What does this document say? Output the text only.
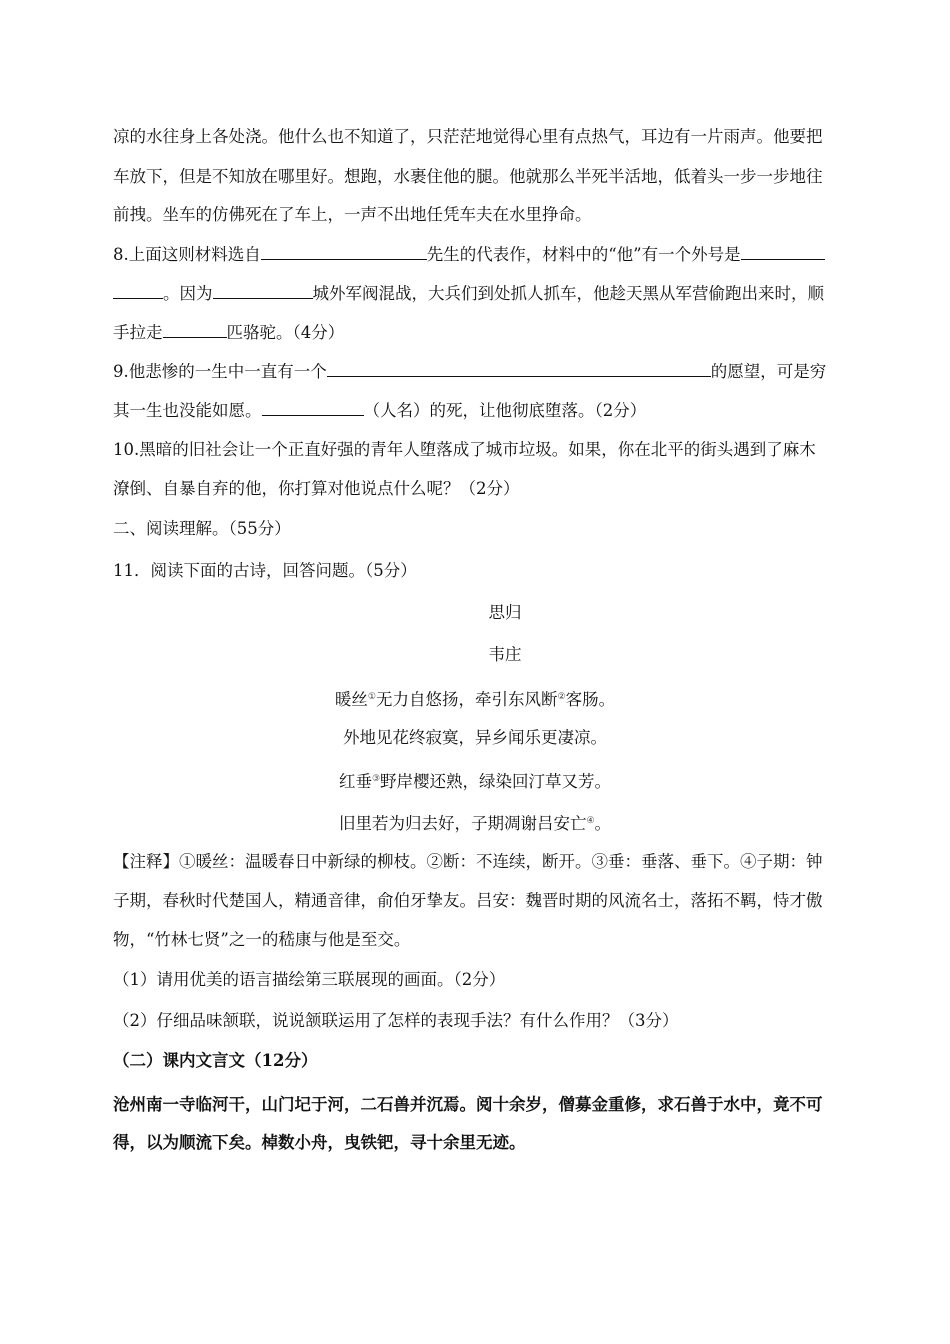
凉的水往身上各处浇。他什么也不知道了，只茫茫地觉得心里有点热气，耳边有一片雨声。他要把
车放下，但是不知放在哪里好。想跑，水裹住他的腿。他就那么半死半活地，低着头一步一步地往
前拽。坐车的仿佛死在了车上，一声不出地任凭车夫在水里挣命。
8.上面这则材料选自	先生的代表作，材料中的“他”有一个外号是
。因为	城外军阀混战，大兵们到处抓人抓车，他趁天黑从军营偷跑出来时，顺
手拉走	匹骆驼。（4分）
9.他悲惨的一生中一直有一个	的愿望，可是穷
其一生也没能如愿。	（人名）的死，让他彻底堕落。（2分）
10.黑暗的旧社会让一个正直好强的青年人堕落成了城市垃圾。如果，你在北平的街头遇到了麻木
潦倒、自暴自弃的他，你打算对他说点什么呢？（2分）
二、阅读理解。（55分）
11．阅读下面的古诗，回答问题。（5分）
思归
韦庄
暖丝①无力自悠扬，牵引东风断②客肠。
外地见花终寂寞，异乡闻乐更凄凉。
红垂③野岸樱还熟，绿染回汀草又芳。
旧里若为归去好，子期凋谢吕安亡④。
【注释】①暖丝：温暖春日中新绿的柳枝。②断：不连续，断开。③垂：垂落、垂下。④子期：钟
子期，春秋时代楚国人，精通音律，俞伯牙挚友。吕安：魏晋时期的风流名士，落拓不羁，恃才傲
物，“竹林七贤”之一的嵇康与他是至交。
（1）请用优美的语言描绘第三联展现的画面。（2分）
（2）仔细品味颔联，说说颔联运用了怎样的表现手法？有什么作用？（3分）
（二）课内文言文（12分）
沧州南一寺临河干，山门圮于河，二石兽并沉焉。阅十余岁，僧募金重修，求石兽于水中，竟不可
得，以为顺流下矣。棹数小舟，曳铁钯，寻十余里无迹。
